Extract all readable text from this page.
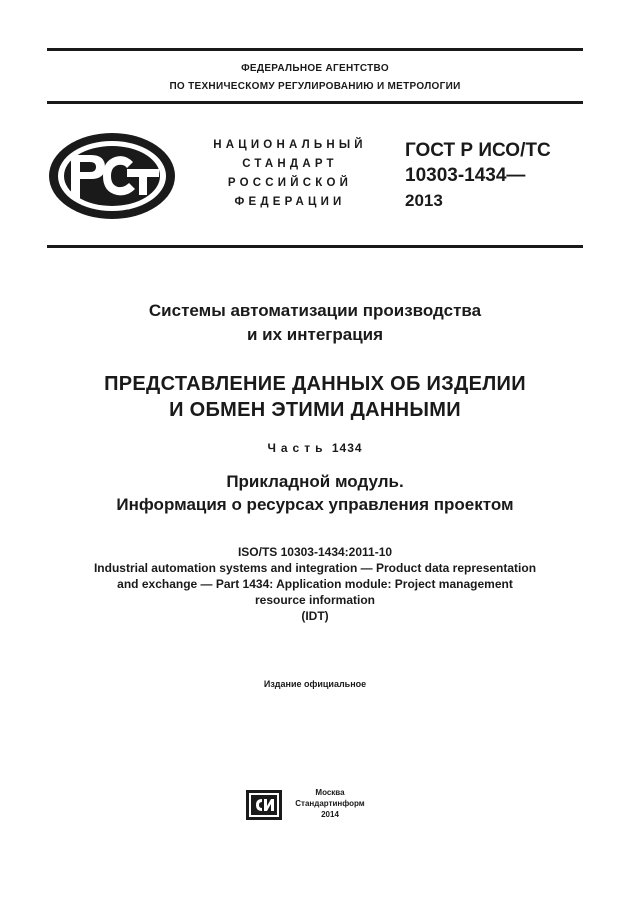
ФЕДЕРАЛЬНОЕ АГЕНТСТВО
ПО ТЕХНИЧЕСКОМУ РЕГУЛИРОВАНИЮ И МЕТРОЛОГИИ
НАЦИОНАЛЬНЫЙ
СТАНДАРТ
РОССИЙСКОЙ
ФЕДЕРАЦИИ
ГОСТ Р ИСО/ТС
10303-1434—
2013
Системы автоматизации производства
и их интеграция
ПРЕДСТАВЛЕНИЕ ДАННЫХ ОБ ИЗДЕЛИИ
И ОБМЕН ЭТИМИ ДАННЫМИ
Часть 1434
Прикладной модуль.
Информация о ресурсах управления проектом
ISO/TS 10303-1434:2011-10
Industrial automation systems and integration — Product data representation
and exchange — Part 1434: Application module: Project management
resource information
(IDT)
Издание официальное
Москва
Стандартинформ
2014
